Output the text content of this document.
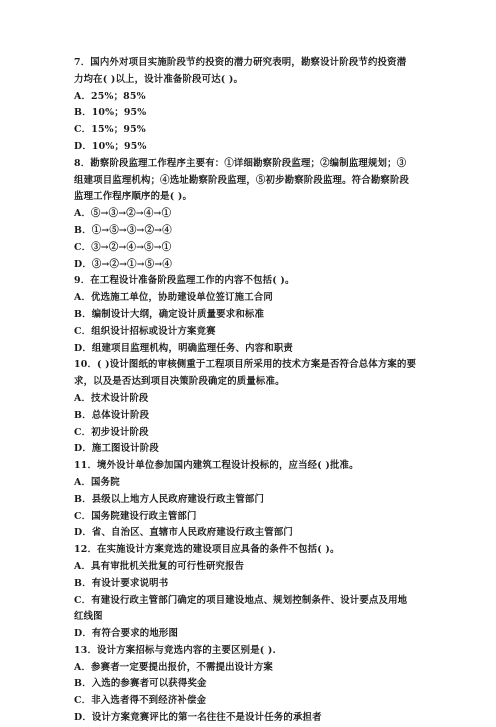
7．国内外对项目实施阶段节约投资的潜力研究表明，勘察设计阶段节约投资潜
力均在( )以上，设计准备阶段可达( )。
A．25%；85%
B．10%；95%
C．15%；95%
D．10%；95%
8．勘察阶段监理工作程序主要有：①详细勘察阶段监理；②编制监理规划；③
组建项目监理机构；④选址勘察阶段监理，⑤初步勘察阶段监理。符合勘察阶段
监理工作程序顺序的是( )。
A．⑤→③→②→④→①
B．①→⑤→③→②→④
C．③→②→④→⑤→①
D．③→②→①→⑤→④
9．在工程设计准备阶段监理工作的内容不包括( )。
A．优选施工单位，协助建设单位签订施工合同
B．编制设计大纲，确定设计质量要求和标准
C．组织设计招标或设计方案竞赛
D．组建项目监理机构，明确监理任务、内容和职责
10．( )设计图纸的审核侧重于工程项目所采用的技术方案是否符合总体方案的要
求，以及是否达到项目决策阶段确定的质量标准。
A．技术设计阶段
B．总体设计阶段
C．初步设计阶段
D．施工图设计阶段
11．境外设计单位参加国内建筑工程设计投标的，应当经( )批准。
A．国务院
B．县级以上地方人民政府建设行政主管部门
C．国务院建设行政主管部门
D．省、自治区、直辖市人民政府建设行政主管部门
12．在实施设计方案竞选的建设项目应具备的条件不包括( )。
A．具有审批机关批复的可行性研究报告
B．有设计要求说明书
C．有建设行政主管部门确定的项目建设地点、规划控制条件、设计要点及用地
红线图
D．有符合要求的地形图
13．设计方案招标与竞选内容的主要区别是( ).
A．参赛者一定要提出报价，不需提出设计方案
B．入选的参赛者可以获得奖金
C．非入选者得不到经济补偿金
D．设计方案竞赛评比的第一名往往不是设计任务的承担者
